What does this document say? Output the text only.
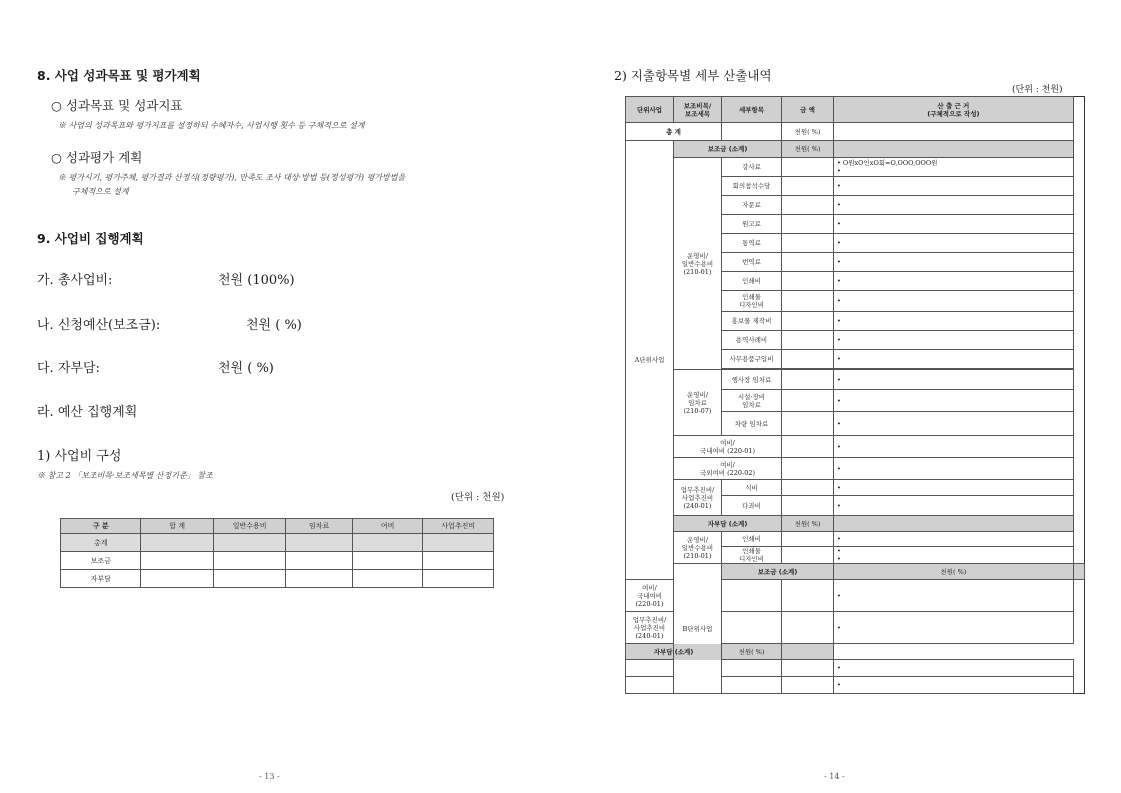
8. 사업 성과목표 및 평가계획
○ 성과목표 및 성과지표
※ 사업의 성과목표와 평가지표를 설정하되 수혜자수, 사업시행 횟수 등 구체적으로 설계
○ 성과평가 계획
※ 평가시기, 평가주체, 평가결과 산정식(정량평가), 만족도 조사 대상·방법 등(정성평가) 평가방법을
구체적으로 설계
9. 사업비 집행계획
가. 총사업비:	천원 (100%)
나. 신청예산(보조금):	천원 ( %)
다. 자부담:	천원 ( %)
라. 예산 집행계획
1) 사업비 구성
※ 참고 2 「보조비목·보조세목별 산정기준」 참조
(단위 : 천원)
구 분	합 계	일반수용비	임차료	여비	사업추진비
총계					
보조금					
자부담					
- 13 -
2) 지출항목별 세부 산출내역
(단위 : 천원)
단위사업	보조비목/
보조세목	세부항목	금 액	산 출 근 거
(구체적으로 작성)	
총 계			천원( %)		
A단위사업	보조금 (소계)		천원( %)		
	운영비/
일반수용비
(210-01)	강사료		• O원xO인xO회=O,OOO,OOO원
•	
		회의참석수당		•	
		자문료		•	
		원고료		•	
		통역료		•	
		번역료		•	
		인쇄비		•	
		인쇄물
디자인비		•	
		홍보물 제작비		•	
		용역사례비		•	
		사무용품구입비		•	

	운영비/
임차료
(210-07)	행사장 임차료		•	
		시설·장비
임차료		•	
		차량 임차료		•	
	여비/
국내여비 (220-01)			•	
	여비/
국외여비 (220-02)			•	
	업무추진비/
사업추진비
(240-01)	식비		•	
		다과비		•	
	자부담 (소계)		천원( %)		
	운영비/
일반수용비
(210-01)	인쇄비		•	
		인쇄물
디자인비		•
•	
	B단위사업	보조금 (소계)		천원( %)	
여비/
국내여비
(220-01)				•	
업무추진비/
사업추진비
(240-01)				•	
자부담 (소계)		천원( %)			
				•	
				•	
- 14 -
